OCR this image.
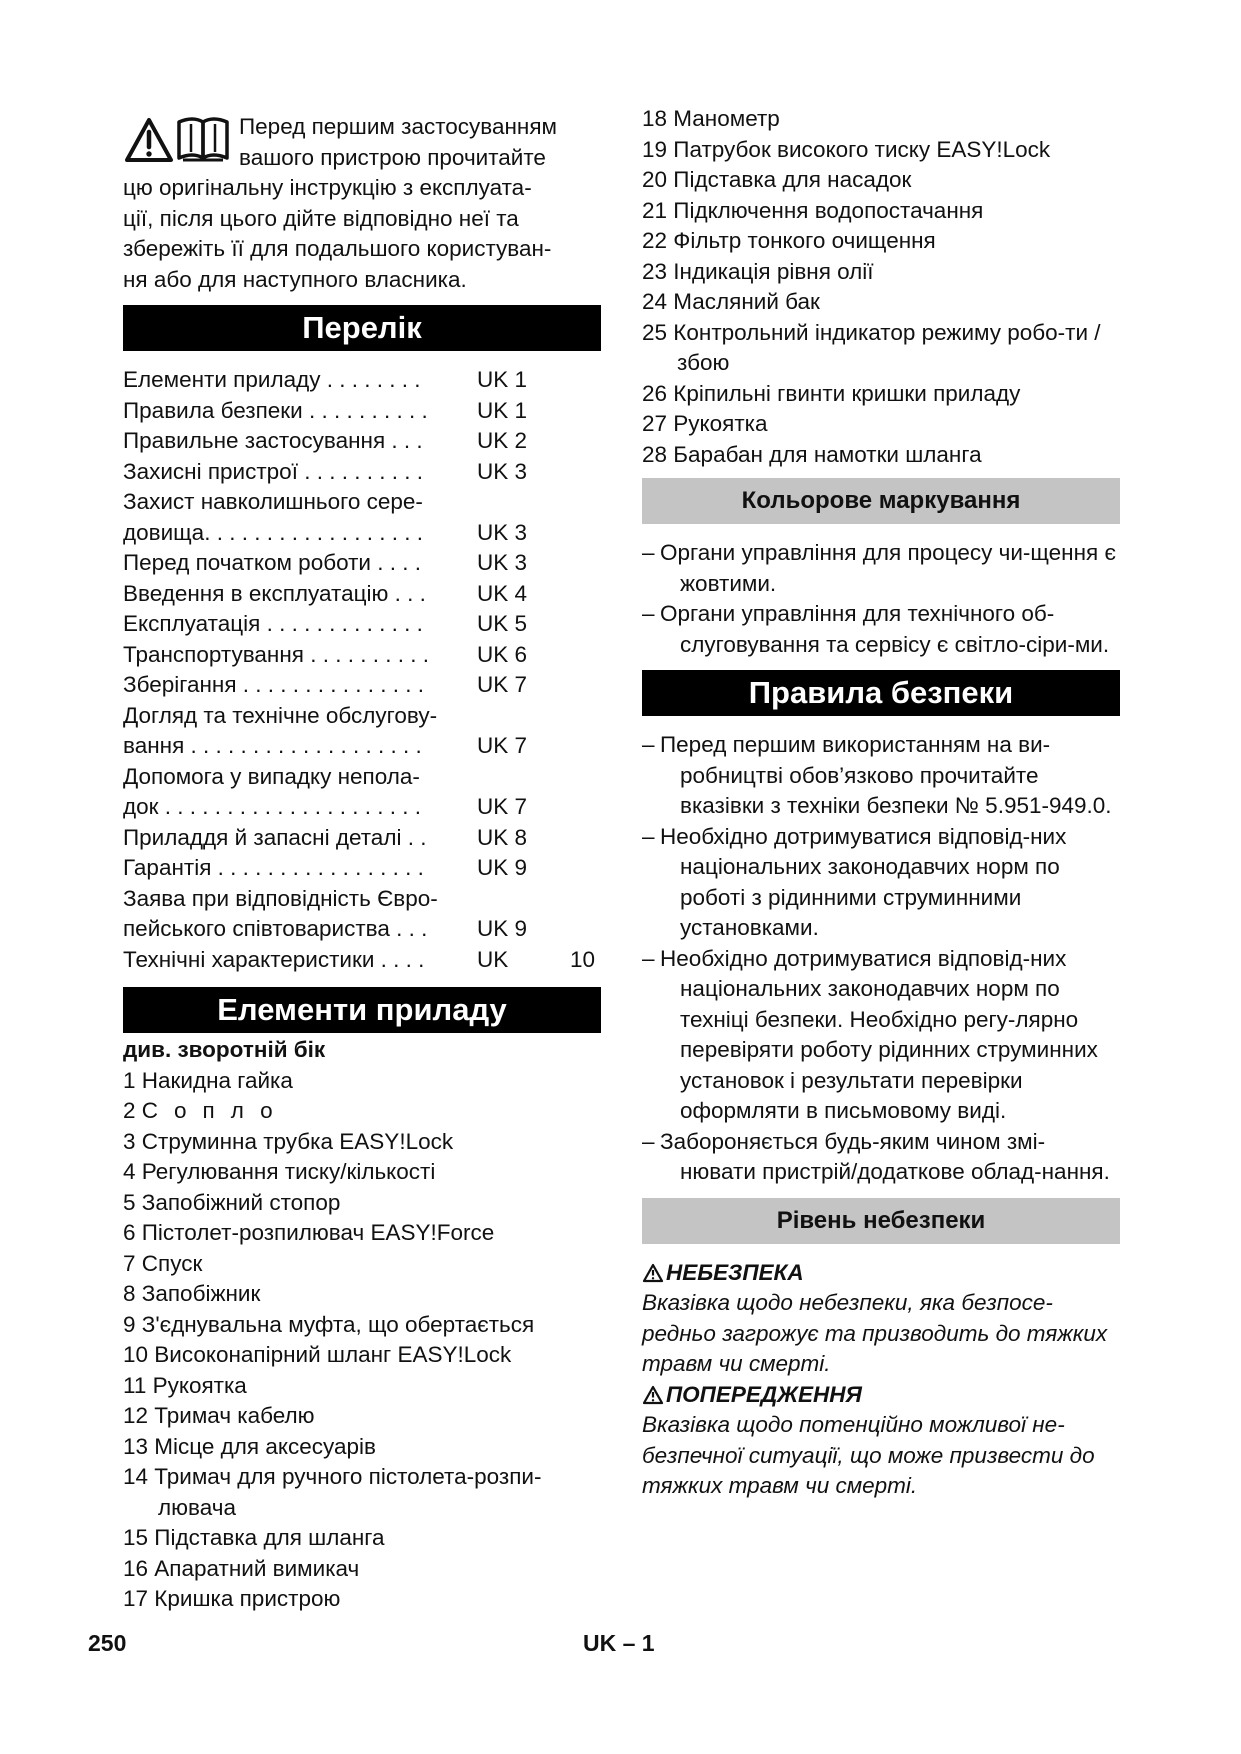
Перед першим застосуванням
вашого пристрою прочитайте
цю оригінальну інструкцію з експлуата-
ції, після цього дійте відповідно неї та
збережіть її для подальшого користуван-
ня або для наступного власника.

Перелік
Елементи приладу . . . . . . . .	UK 1
Правила безпеки . . . . . . . . . .	UK 1
Правильне застосування . . .	UK 2
Захисні пристрої . . . . . . . . . .	UK 3
Захист навколишнього сере-
довища. . . . . . . . . . . . . . . . . .	UK 3
Перед початком роботи . . . .	UK 3
Введення в експлуатацію . . .	UK 4
Експлуатація . . . . . . . . . . . . .	UK 5
Транспортування . . . . . . . . . .	UK 6
Зберігання . . . . . . . . . . . . . . .	UK 7
Догляд та технічне обслугову-
вання . . . . . . . . . . . . . . . . . . .	UK 7
Допомога у випадку непола-
док . . . . . . . . . . . . . . . . . . . . .	UK 7
Приладдя й запасні деталі . .	UK 8
Гарантія . . . . . . . . . . . . . . . . .	UK 9
Заява при відповідність Євро-
пейського співтовариства . . .	UK 9
Технічні характеристики . . . .	UK	10
Елементи приладу
див. зворотній бік
1 Накидна гайка
2 Сопло
3 Струминна трубка EASY!Lock
4 Регулювання тиску/кількості
5 Запобіжний стопор
6 Пістолет-розпилювач EASY!Force
7 Спуск
8 Запобіжник
9 З'єднувальна муфта, що обертається
10 Високонапірний шланг EASY!Lock
11 Рукоятка
12 Тримач кабелю
13 Місце для аксесуарів
14 Тримач для ручного пістолета-розпи-лювача
15 Підставка для шланга
16 Апаратний вимикач
17 Кришка пристрою
18 Манометр
19 Патрубок високого тиску EASY!Lock
20 Підставка для насадок
21 Підключення водопостачання
22 Фільтр тонкого очищення
23 Індикація рівня олії
24 Масляний бак
25 Контрольний індикатор режиму робо-ти / збою
26 Кріпильні гвинти кришки приладу
27 Рукоятка
28 Барабан для намотки шланга
Кольорове маркування
– Органи управління для процесу чи-щення є жовтими.
– Органи управління для технічного об-слуговування та сервісу є світло-сіри-ми.
Правила безпеки
– Перед першим використанням на ви-робництві обов’язково прочитайте вказівки з техніки безпеки № 5.951-949.0.
– Необхідно дотримуватися відповід-них національних законодавчих норм по роботі з рідинними струминними установками.
– Необхідно дотримуватися відповід-них національних законодавчих норм по техніці безпеки. Необхідно регу-лярно перевіряти роботу рідинних струминних установок і результати перевірки оформляти в письмовому виді.
– Забороняється будь-яким чином змі-нювати пристрій/додаткове облад-нання.
Рівень небезпеки
НЕБЕЗПЕКА
Вказівка щодо небезпеки, яка безпосе-редньо загрожує та призводить до тяжких травм чи смерті.
ПОПЕРЕДЖЕННЯ
Вказівка щодо потенційно можливої не-безпечної ситуації, що може призвести до тяжких травм чи смерті.
250	UK – 1
